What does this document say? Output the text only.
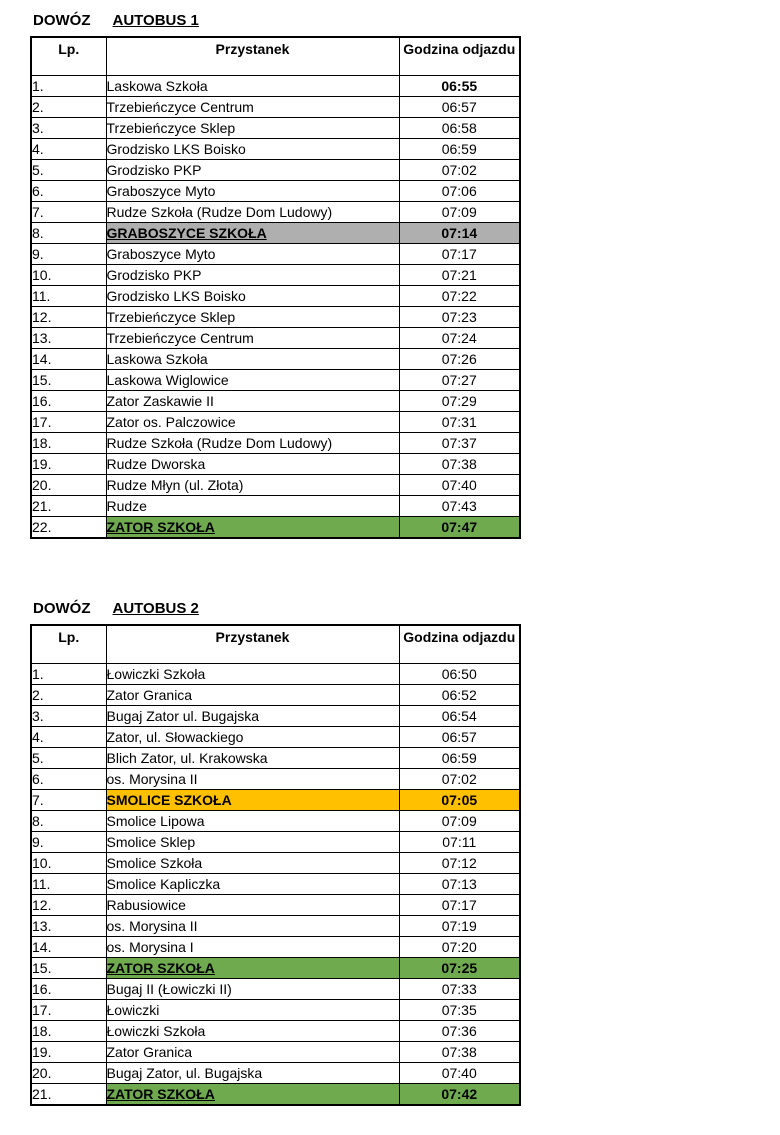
DOWÓZ AUTOBUS 1
Lp.	Przystanek	Godzina odjazdu
1.	Laskowa Szkoła	06:55
2.	Trzebieńczyce Centrum	06:57
3.	Trzebieńczyce Sklep	06:58
4.	Grodzisko LKS Boisko	06:59
5.	Grodzisko PKP	07:02
6.	Graboszyce Myto	07:06
7.	Rudze Szkoła (Rudze Dom Ludowy)	07:09
8.	GRABOSZYCE SZKOŁA	07:14
9.	Graboszyce Myto	07:17
10.	Grodzisko PKP	07:21
11.	Grodzisko LKS Boisko	07:22
12.	Trzebieńczyce Sklep	07:23
13.	Trzebieńczyce Centrum	07:24
14.	Laskowa Szkoła	07:26
15.	Laskowa Wiglowice	07:27
16.	Zator Zaskawie II	07:29
17.	Zator os. Palczowice	07:31
18.	Rudze Szkoła (Rudze Dom Ludowy)	07:37
19.	Rudze Dworska	07:38
20.	Rudze Młyn (ul. Złota)	07:40
21.	Rudze	07:43
22.	ZATOR SZKOŁA	07:47
DOWÓZ AUTOBUS 2
Lp.	Przystanek	Godzina odjazdu
1.	Łowiczki Szkoła	06:50
2.	Zator Granica	06:52
3.	Bugaj Zator ul. Bugajska	06:54
4.	Zator, ul. Słowackiego	06:57
5.	Blich Zator, ul. Krakowska	06:59
6.	os. Morysina II	07:02
7.	SMOLICE SZKOŁA	07:05
8.	Smolice Lipowa	07:09
9.	Smolice Sklep	07:11
10.	Smolice Szkoła	07:12
11.	Smolice Kapliczka	07:13
12.	Rabusiowice	07:17
13.	os. Morysina II	07:19
14.	os. Morysina I	07:20
15.	ZATOR SZKOŁA	07:25
16.	Bugaj II (Łowiczki II)	07:33
17.	Łowiczki	07:35
18.	Łowiczki Szkoła	07:36
19.	Zator Granica	07:38
20.	Bugaj Zator, ul. Bugajska	07:40
21.	ZATOR SZKOŁA	07:42
